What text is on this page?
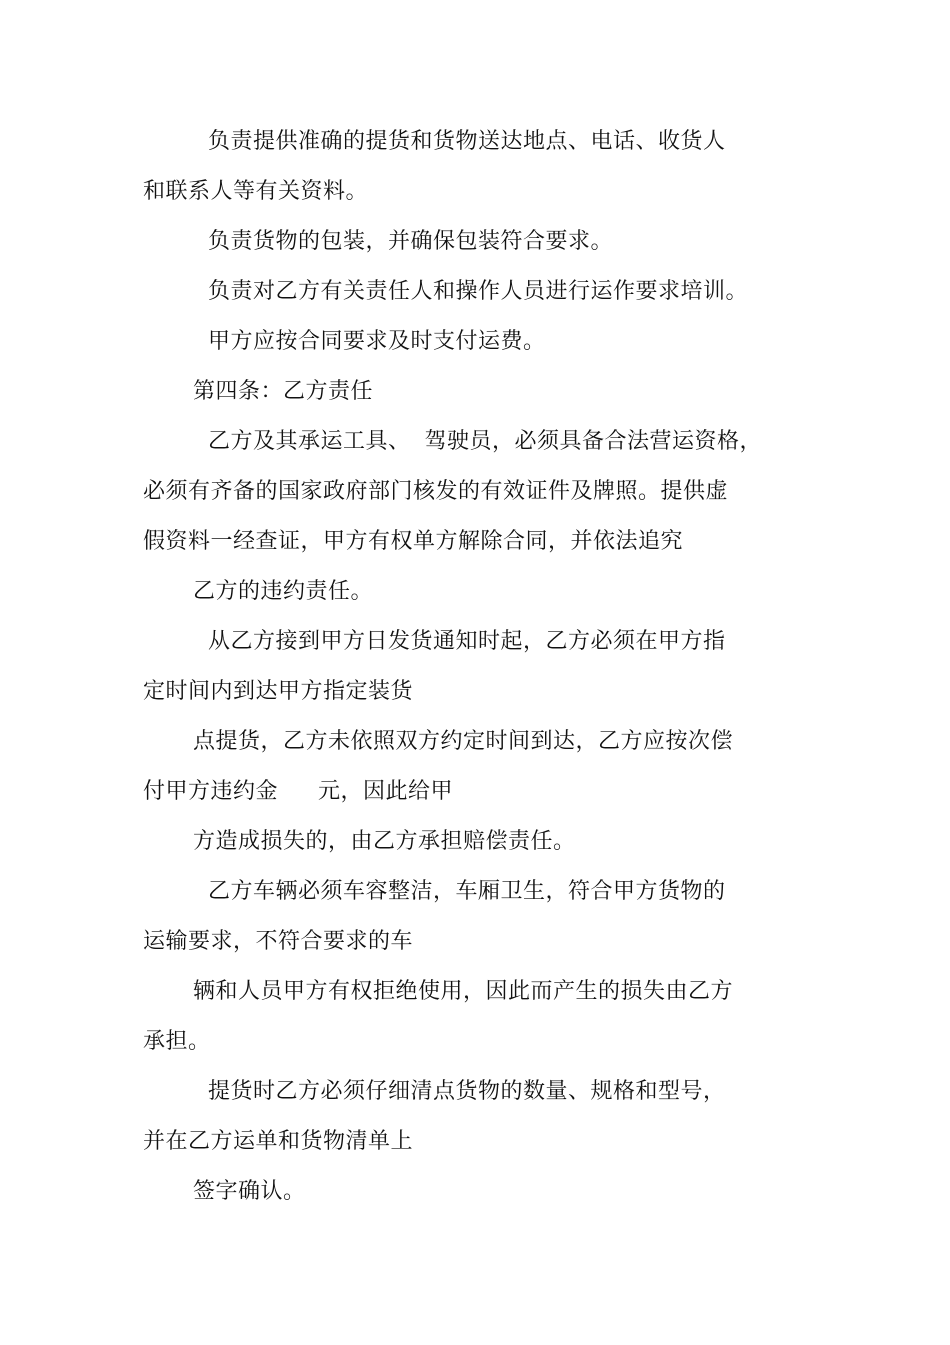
负责提供准确的提货和货物送达地点、电话、收货人
和联系人等有关资料。
负责货物的包装，并确保包装符合要求。
负责对乙方有关责任人和操作人员进行运作要求培训。
甲方应按合同要求及时支付运费。
第四条：乙方责任
乙方及其承运工具、 驾驶员，必须具备合法营运资格，
必须有齐备的国家政府部门核发的有效证件及牌照。提供虚
假资料一经查证，甲方有权单方解除合同，并依法追究
乙方的违约责任。
从乙方接到甲方日发货通知时起，乙方必须在甲方指
定时间内到达甲方指定装货
点提货，乙方未依照双方约定时间到达，乙方应按次偿
付甲方违约金 元，因此给甲
方造成损失的，由乙方承担赔偿责任。
乙方车辆必须车容整洁，车厢卫生，符合甲方货物的
运输要求，不符合要求的车
辆和人员甲方有权拒绝使用，因此而产生的损失由乙方
承担。
提货时乙方必须仔细清点货物的数量、规格和型号，
并在乙方运单和货物清单上
签字确认。
